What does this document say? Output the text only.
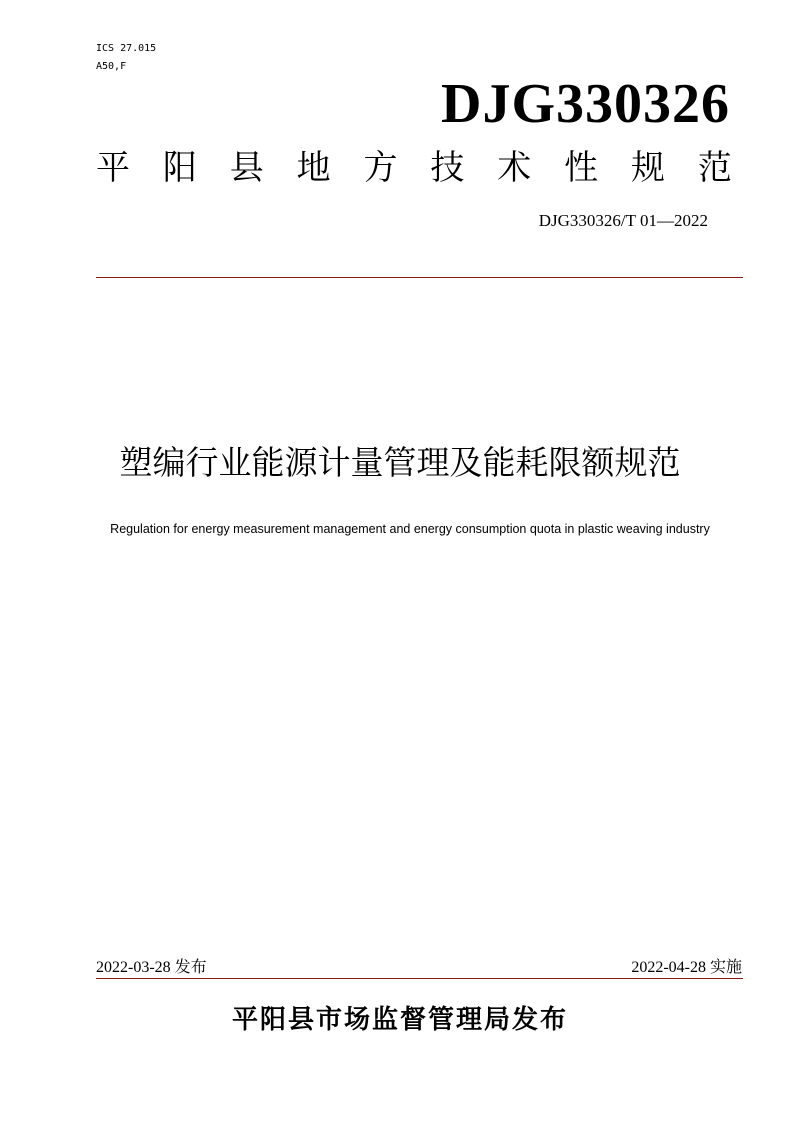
ICS 27.015
A50,F
DJG330326
平 阳 县 地 方 技 术 性 规 范
DJG330326/T 01—2022
塑编行业能源计量管理及能耗限额规范
Regulation for energy measurement management and energy consumption quota in plastic weaving industry
2022-03-28 发布	2022-04-28 实施
平阳县市场监督管理局发布
